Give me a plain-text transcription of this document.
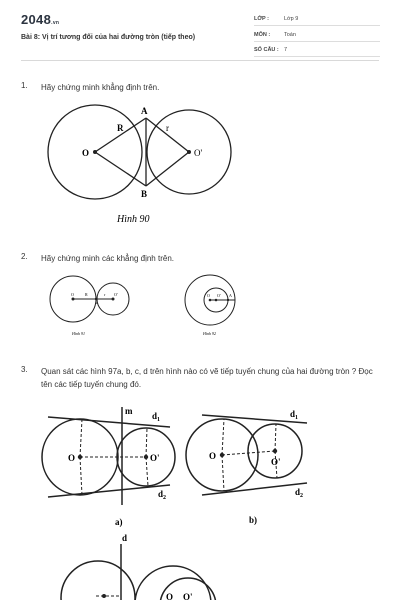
2048.vn
Bài 8: Vị trí tương đối của hai đường tròn (tiếp theo)
LỚP :	Lớp 9
MÔN :	Toán
SỐ CÂU : 7
1. Hãy chứng minh khẳng định trên.
O	O'
A
B
R	r
Hình 90
2. Hãy chứng minh các khẳng định trên.
O	R	r O'
A
Hình 91
O O' A
Hình 92
3. Quan sát các hình 97a, b, c, d trên hình nào có vẽ tiếp tuyến chung của hai đường tròn ? Đọc tên các tiếp tuyến chung đó.
O	O'
m $d_1$
$d_2$
a)
O
O'
$d_1$
$d_2$
b)
d
O O'
